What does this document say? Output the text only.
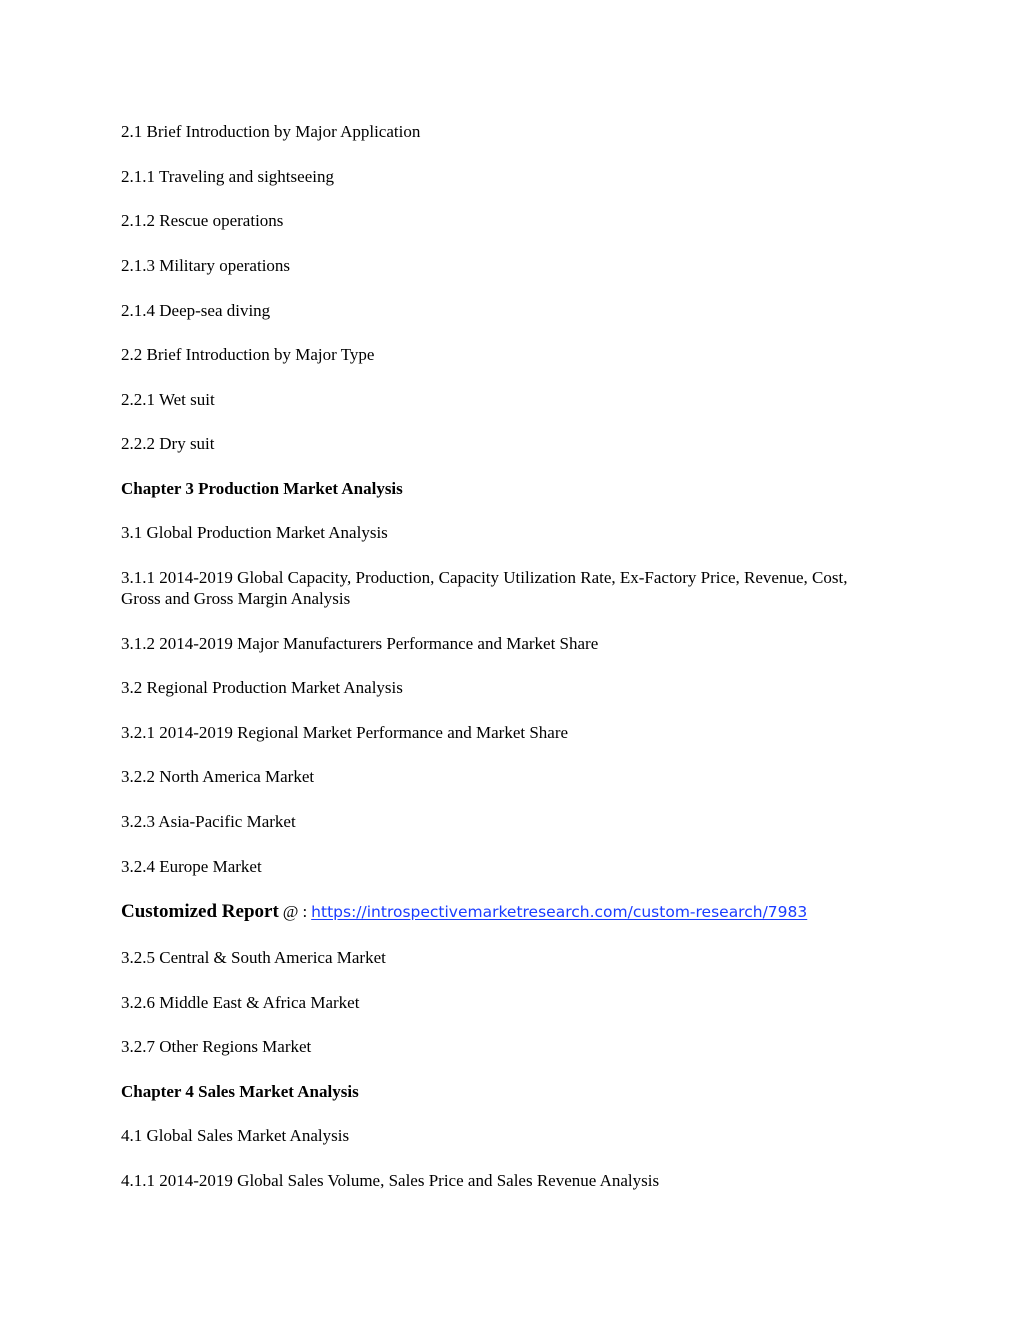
2.1 Brief Introduction by Major Application
2.1.1 Traveling and sightseeing
2.1.2 Rescue operations
2.1.3 Military operations
2.1.4 Deep-sea diving
2.2 Brief Introduction by Major Type
2.2.1 Wet suit
2.2.2 Dry suit
Chapter 3 Production Market Analysis
3.1 Global Production Market Analysis
3.1.1 2014-2019 Global Capacity, Production, Capacity Utilization Rate, Ex-Factory Price, Revenue, Cost, Gross and Gross Margin Analysis
3.1.2 2014-2019 Major Manufacturers Performance and Market Share
3.2 Regional Production Market Analysis
3.2.1 2014-2019 Regional Market Performance and Market Share
3.2.2 North America Market
3.2.3 Asia-Pacific Market
3.2.4 Europe Market
Customized Report @ : https://introspectivemarketresearch.com/custom-research/7983
3.2.5 Central & South America Market
3.2.6 Middle East & Africa Market
3.2.7 Other Regions Market
Chapter 4 Sales Market Analysis
4.1 Global Sales Market Analysis
4.1.1 2014-2019 Global Sales Volume, Sales Price and Sales Revenue Analysis
